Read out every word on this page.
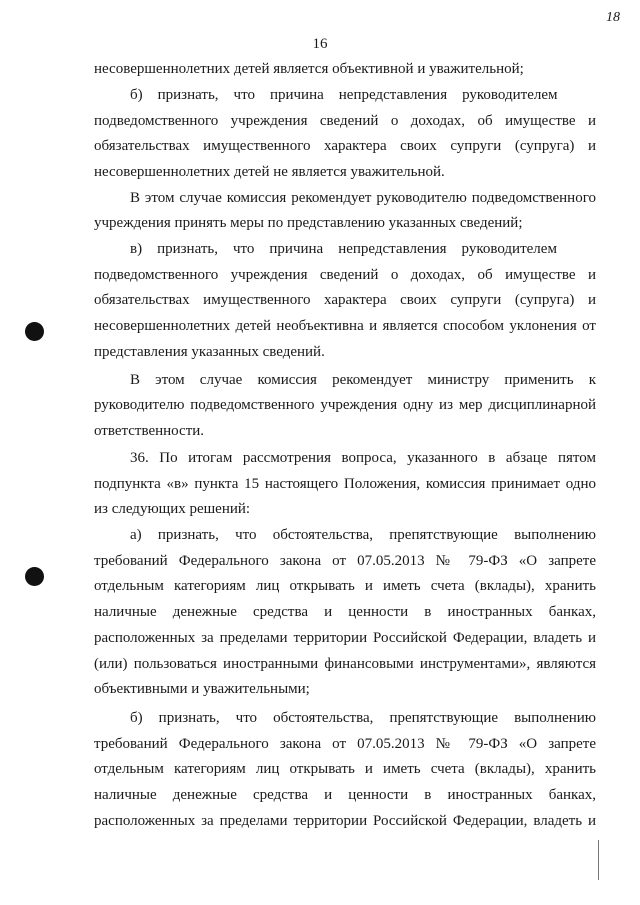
18
16
несовершеннолетних детей является объективной и уважительной;
б) признать, что причина непредставления руководителем
подведомственного учреждения сведений о доходах, об имуществе и
обязательствах имущественного характера своих супруги (супруга) и
несовершеннолетних детей не является уважительной.
В этом случае комиссия рекомендует руководителю подведомственного
учреждения принять меры по представлению указанных сведений;
в) признать, что причина непредставления руководителем
подведомственного учреждения сведений о доходах, об имуществе и
обязательствах имущественного характера своих супруги (супруга) и
несовершеннолетних детей необъективна и является способом уклонения от
представления указанных сведений.
В этом случае комиссия рекомендует министру применить к
руководителю подведомственного учреждения одну из мер дисциплинарной
ответственности.
36. По итогам рассмотрения вопроса, указанного в абзаце пятом
подпункта «в» пункта 15 настоящего Положения, комиссия принимает одно
из следующих решений:
а) признать, что обстоятельства, препятствующие выполнению
требований Федерального закона от 07.05.2013 № 79-ФЗ «О запрете
отдельным категориям лиц открывать и иметь счета (вклады), хранить
наличные денежные средства и ценности в иностранных банках,
расположенных за пределами территории Российской Федерации, владеть и
(или) пользоваться иностранными финансовыми инструментами», являются
объективными и уважительными;
б) признать, что обстоятельства, препятствующие выполнению
требований Федерального закона от 07.05.2013 № 79-ФЗ «О запрете
отдельным категориям лиц открывать и иметь счета (вклады), хранить
наличные денежные средства и ценности в иностранных банках,
расположенных за пределами территории Российской Федерации, владеть и
